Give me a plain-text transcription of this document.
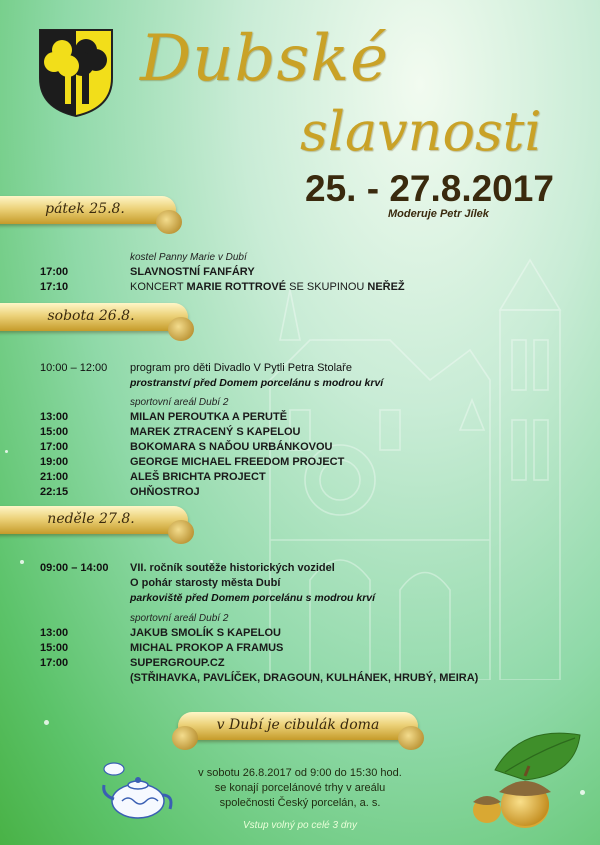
Dubské
slavnosti
25. - 27.8.2017
Moderuje Petr Jílek
pátek 25.8.
kostel Panny Marie v Dubí
17:00	SLAVNOSTNÍ FANFÁRY
17:10	KONCERT MARIE ROTTROVÉ SE SKUPINOU NEŘEŽ
sobota 26.8.
10:00 – 12:00 program pro děti Divadlo V Pytli Petra Stolaře
prostranství před Domem porcelánu s modrou krví
sportovní areál Dubí 2
13:00	MILAN PEROUTKA A PERUTĚ
15:00	MAREK ZTRACENÝ S KAPELOU
17:00	BOKOMARA S NAĎOU URBÁNKOVOU
19:00	GEORGE MICHAEL FREEDOM PROJECT
21:00	ALEŠ BRICHTA PROJECT
22:15	OHŇOSTROJ
neděle 27.8.
09:00 – 14:00 VII. ročník soutěže historických vozidel
O pohár starosty města Dubí
parkoviště před Domem porcelánu s modrou krví
sportovní areál Dubí 2
13:00	JAKUB SMOLÍK S KAPELOU
15:00	MICHAL PROKOP A FRAMUS
17:00	SUPERGROUP.CZ
(STŘIHAVKA, PAVLÍČEK, DRAGOUN, KULHÁNEK, HRUBÝ, MEIRA)
v Dubí je cibulák doma
v sobotu 26.8.2017 od 9:00 do 15:30 hod.
se konají porcelánové trhy v areálu
společnosti Český porcelán, a. s.
Vstup volný po celé 3 dny
